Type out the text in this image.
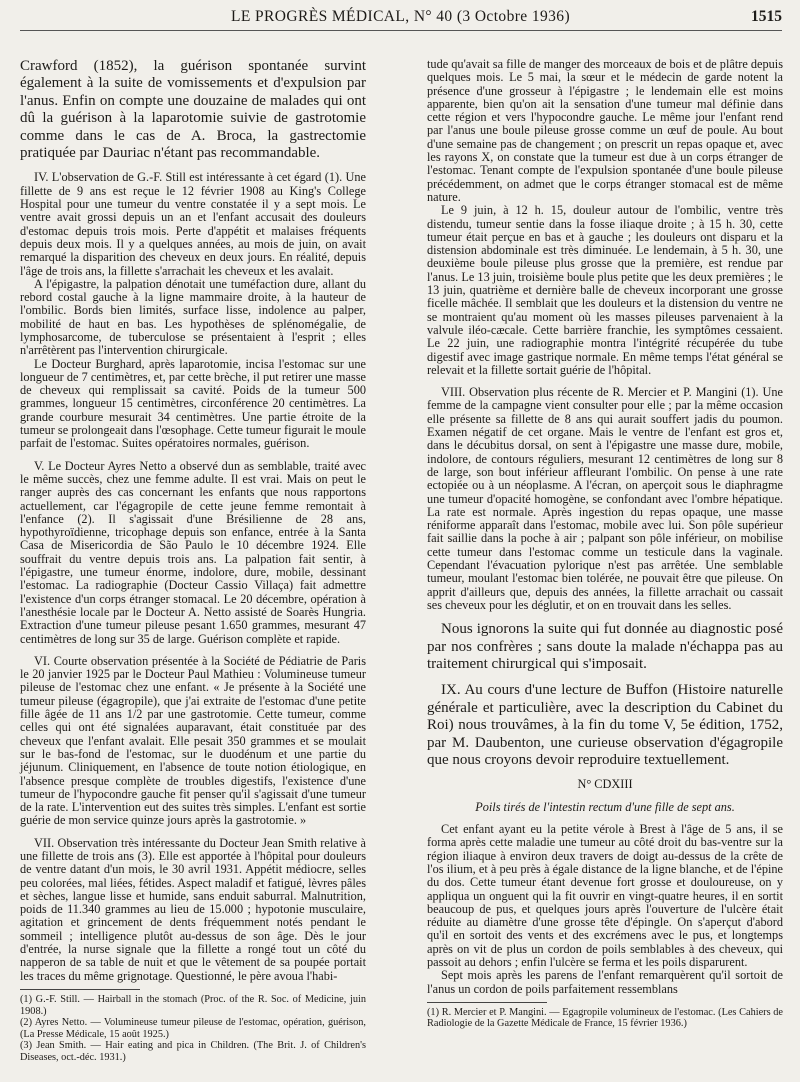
LE PROGRÈS MÉDICAL, N° 40 (3 Octobre 1936)	1515

Crawford (1852), la guérison spontanée survint également à la suite de vomissements et d'expulsion par l'anus. Enfin on compte une douzaine de malades qui ont dû la guérison à la laparotomie suivie de gastrotomie comme dans le cas de A. Broca, la gastrectomie pratiquée par Dauriac n'étant pas recommandable.

IV. L'observation de G.-F. Still est intéressante à cet égard (1). Une fillette de 9 ans est reçue le 12 février 1908 au King's College Hospital pour une tumeur du ventre constatée il y a sept mois. Le ventre avait grossi depuis un an et l'enfant accusait des douleurs d'estomac depuis trois mois. Perte d'appétit et malaises fréquents depuis deux mois. Il y a quelques années, au mois de juin, on avait remarqué la disparition des cheveux en deux jours. En réalité, depuis l'âge de trois ans, la fillette s'arrachait les cheveux et les avalait.

A l'épigastre, la palpation dénotait une tuméfaction dure, allant du rebord costal gauche à la ligne mammaire droite, à la hauteur de l'ombilic. Bords bien limités, surface lisse, indolence au palper, mobilité de haut en bas. Les hypothèses de splénomégalie, de lymphosarcome, de tuberculose se présentaient à l'esprit ; elles n'arrêtèrent pas l'intervention chirurgicale.

Le Docteur Burghard, après laparotomie, incisa l'estomac sur une longueur de 7 centimètres, et, par cette brèche, il put retirer une masse de cheveux qui remplissait sa cavité. Poids de la tumeur 500 grammes, longueur 15 centimètres, circonférence 20 centimètres. La grande courbure mesurait 34 centimètres. Une partie étroite de la tumeur se prolongeait dans l'œsophage. Cette tumeur figurait le moule parfait de l'estomac. Suites opératoires normales, guérison.

V. Le Docteur Ayres Netto a observé dun as semblable, traité avec le même succès, chez une femme adulte. Il est vrai. Mais on peut le ranger auprès des cas concernant les enfants que nous rapportons actuellement, car l'égagropile de cette jeune femme remontait à l'enfance (2). Il s'agissait d'une Brésilienne de 28 ans, hypothyroïdienne, tricophage depuis son enfance, entrée à la Santa Casa de Misericordia de São Paulo le 10 décembre 1924. Elle souffrait du ventre depuis trois ans. La palpation fait sentir, à l'épigastre, une tumeur énorme, indolore, dure, mobile, dessinant l'estomac. La radiographie (Docteur Cassio Villaça) fait admettre l'existence d'un corps étranger stomacal. Le 20 décembre, opération à l'anesthésie locale par le Docteur A. Netto assisté de Soarès Hungria. Extraction d'une tumeur pileuse pesant 1.650 grammes, mesurant 47 centimètres de long sur 35 de large. Guérison complète et rapide.

VI. Courte observation présentée à la Société de Pédiatrie de Paris le 20 janvier 1925 par le Docteur Paul Mathieu : Volumineuse tumeur pileuse de l'estomac chez une enfant. « Je présente à la Société une tumeur pileuse (égagropile), que j'ai extraite de l'estomac d'une petite fille âgée de 11 ans 1/2 par une gastrotomie. Cette tumeur, comme celles qui ont été signalées auparavant, était constituée par des cheveux que l'enfant avalait. Elle pesait 350 grammes et se moulait sur le bas-fond de l'estomac, sur le duodénum et une partie du jéjunum. Cliniquement, en l'absence de toute notion étiologique, en l'absence presque complète de troubles digestifs, l'existence d'une tumeur de l'hypocondre gauche fit penser qu'il s'agissait d'une tumeur de la rate. L'intervention eut des suites très simples. L'enfant est sortie guérie de mon service quinze jours après la gastrotomie. »

VII. Observation très intéressante du Docteur Jean Smith relative à une fillette de trois ans (3). Elle est apportée à l'hôpital pour douleurs de ventre datant d'un mois, le 30 avril 1931. Appétit médiocre, selles peu colorées, mal liées, fétides. Aspect maladif et fatigué, lèvres pâles et sèches, langue lisse et humide, sans enduit saburral. Malnutrition, poids de 11.340 grammes au lieu de 15.000 ; hypotonie musculaire, agitation et grincement de dents fréquemment notés pendant le sommeil ; intelligence plutôt au-dessus de son âge. Dès le jour d'entrée, la nurse signale que la fillette a rongé tout un côté du napperon de sa table de nuit et que le vêtement de sa poupée portait les traces du même grignotage. Questionné, le père avoua l'habi-

(1) G.-F. Still. — Hairball in the stomach (Proc. of the R. Soc. of Medicine, juin 1908.)

(2) Ayres Netto. — Volumineuse tumeur pileuse de l'estomac, opération, guérison, (La Presse Médicale, 15 août 1925.)

(3) Jean Smith. — Hair eating and pica in Children. (The Brit. J. of Children's Diseases, oct.-déc. 1931.)

tude qu'avait sa fille de manger des morceaux de bois et de plâtre depuis quelques mois. Le 5 mai, la sœur et le médecin de garde notent la présence d'une grosseur à l'épigastre ; le lendemain elle est moins apparente, bien qu'on ait la sensation d'une tumeur mal définie dans cette région et vers l'hypocondre gauche. Le même jour l'enfant rend par l'anus une boule pileuse grosse comme un œuf de poule. Au bout d'une semaine pas de changement ; on prescrit un repas opaque et, avec les rayons X, on constate que la tumeur est due à un corps étranger de l'estomac. Tenant compte de l'expulsion spontanée d'une boule pileuse précédemment, on admet que le corps étranger stomacal est de même nature.

Le 9 juin, à 12 h. 15, douleur autour de l'ombilic, ventre très distendu, tumeur sentie dans la fosse iliaque droite ; à 15 h. 30, cette tumeur était perçue en bas et à gauche ; les douleurs ont disparu et la distension abdominale est très diminuée. Le lendemain, à 5 h. 30, une deuxième boule pileuse plus grosse que la première, est rendue par l'anus. Le 13 juin, troisième boule plus petite que les deux premières ; le 13 juin, quatrième et dernière balle de cheveux incorporant une grosse ficelle mâchée. Il semblait que les douleurs et la distension du ventre ne se montraient qu'au moment où les masses pileuses parvenaient à la valvule iléo-cæcale. Cette barrière franchie, les symptômes cessaient. Le 22 juin, une radiographie montra l'intégrité récupérée du tube digestif avec image gastrique normale. En même temps l'état général se relevait et la fillette sortait guérie de l'hôpital.

VIII. Observation plus récente de R. Mercier et P. Mangini (1). Une femme de la campagne vient consulter pour elle ; par la même occasion elle présente sa fillette de 8 ans qui aurait souffert jadis du poumon. Examen négatif de cet organe. Mais le ventre de l'enfant est gros et, dans le décubitus dorsal, on sent à l'épigastre une masse dure, mobile, indolore, de contours réguliers, mesurant 12 centimètres de long sur 8 de large, son bout inférieur affleurant l'ombilic. On pense à une rate ectopiée ou à un néoplasme. A l'écran, on aperçoit sous le diaphragme une tumeur d'opacité homogène, se confondant avec l'ombre hépatique. La rate est normale. Après ingestion du repas opaque, une masse réniforme apparaît dans l'estomac, mobile avec lui. Son pôle supérieur fait saillie dans la poche à air ; palpant son pôle inférieur, on mobilise cette tumeur dans l'estomac comme un testicule dans la vaginale. Cependant l'évacuation pylorique n'est pas arrêtée. Une semblable tumeur, moulant l'estomac bien tolérée, ne pouvait être que pileuse. On apprit d'ailleurs que, depuis des années, la fillette arrachait ou cassait ses cheveux pour les déglutir, et on en trouvait dans les selles.

Nous ignorons la suite qui fut donnée au diagnostic posé par nos confrères ; sans doute la malade n'échappa pas au traitement chirurgical qui s'imposait.

IX. Au cours d'une lecture de Buffon (Histoire naturelle générale et particulière, avec la description du Cabinet du Roi) nous trouvâmes, à la fin du tome V, 5e édition, 1752, par M. Daubenton, une curieuse observation d'égagropile que nous croyons devoir reproduire textuellement.

N° CDXIII

Poils tirés de l'intestin rectum d'une fille de sept ans.

Cet enfant ayant eu la petite vérole à Brest à l'âge de 5 ans, il se forma après cette maladie une tumeur au côté droit du bas-ventre sur la région iliaque à environ deux travers de doigt au-dessus de la crête de l'os ilium, et à peu près à égale distance de la ligne blanche, et de l'épine du dos. Cette tumeur étant devenue fort grosse et douloureuse, on y appliqua un onguent qui la fit ouvrir en vingt-quatre heures, il en sortit beaucoup de pus, et quelques jours après l'ouverture de l'ulcère était réduite au diamètre d'une grosse tête d'épingle. On s'aperçut d'abord qu'il en sortoit des vents et des excrémens avec le pus, et longtemps après on vit de plus un cordon de poils semblables à des cheveux, qui passoit au dehors ; enfin l'ulcère se ferma et les poils disparurent.

Sept mois après les parens de l'enfant remarquèrent qu'il sortoit de l'anus un cordon de poils parfaitement ressemblans

(1) R. Mercier et P. Mangini. — Egagropile volumineux de l'estomac. (Les Cahiers de Radiologie de la Gazette Médicale de France, 15 février 1936.)
